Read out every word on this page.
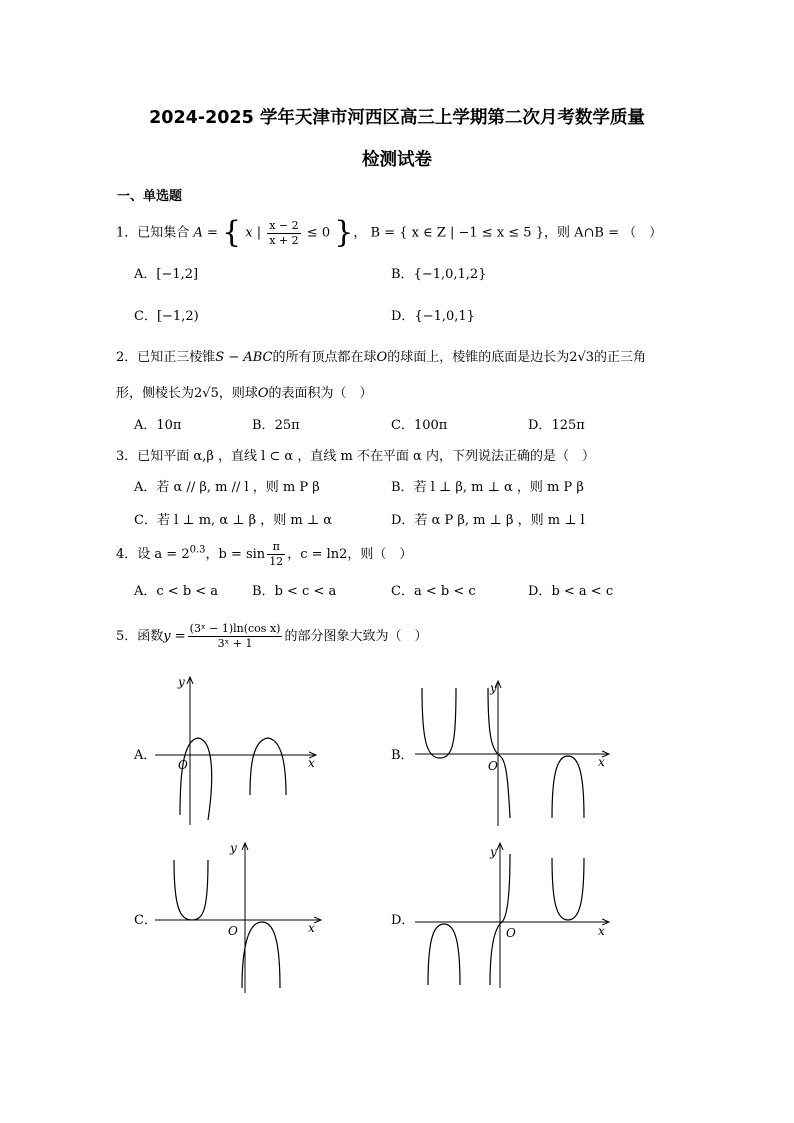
2024-2025 学年天津市河西区高三上学期第二次月考数学质量
检测试卷
一、单选题
1．已知集合 A = { x | $\frac{x - 2}{x + 2} \le 0$ }， B = { x ∈ Z | −1 ≤ x ≤ 5 }，则 A∩B = （　）
A．[−1,2]	B．{−1,0,1,2}
C．[−1,2)	D．{−1,0,1}
2．已知正三棱锥S − ABC的所有顶点都在球O的球面上，棱锥的底面是边长为2√3的正三角
形，侧棱长为2√5，则球O的表面积为（　）
A．10π	B．25π	C．100π	D．125π
3．已知平面 α,β ，直线 l ⊂ α ，直线 m 不在平面 α 内，下列说法正确的是（　）
A．若 α // β, m // l ，则 m P β	B．若 l ⊥ β, m ⊥ α ，则 m P β
C．若 l ⊥ m, α ⊥ β ，则 m ⊥ α	D．若 α P β, m ⊥ β ，则 m ⊥ l
4．设 $a = 2^{0.3}$，$b = \sin \frac{\pi}{12}$ ，c = ln2，则（　）
A．c < b < a	B．b < c < a	C．a < b < c	D．b < a < c
5．函数$y = \frac{\text{(3ˣ − 1)ln(cos x)}}{\text{3ˣ + 1}}$ 的部分图象大致为（　）
A．	B．
C．	D．
y
O	x
y
O	x
y
O	x
y
O	x
